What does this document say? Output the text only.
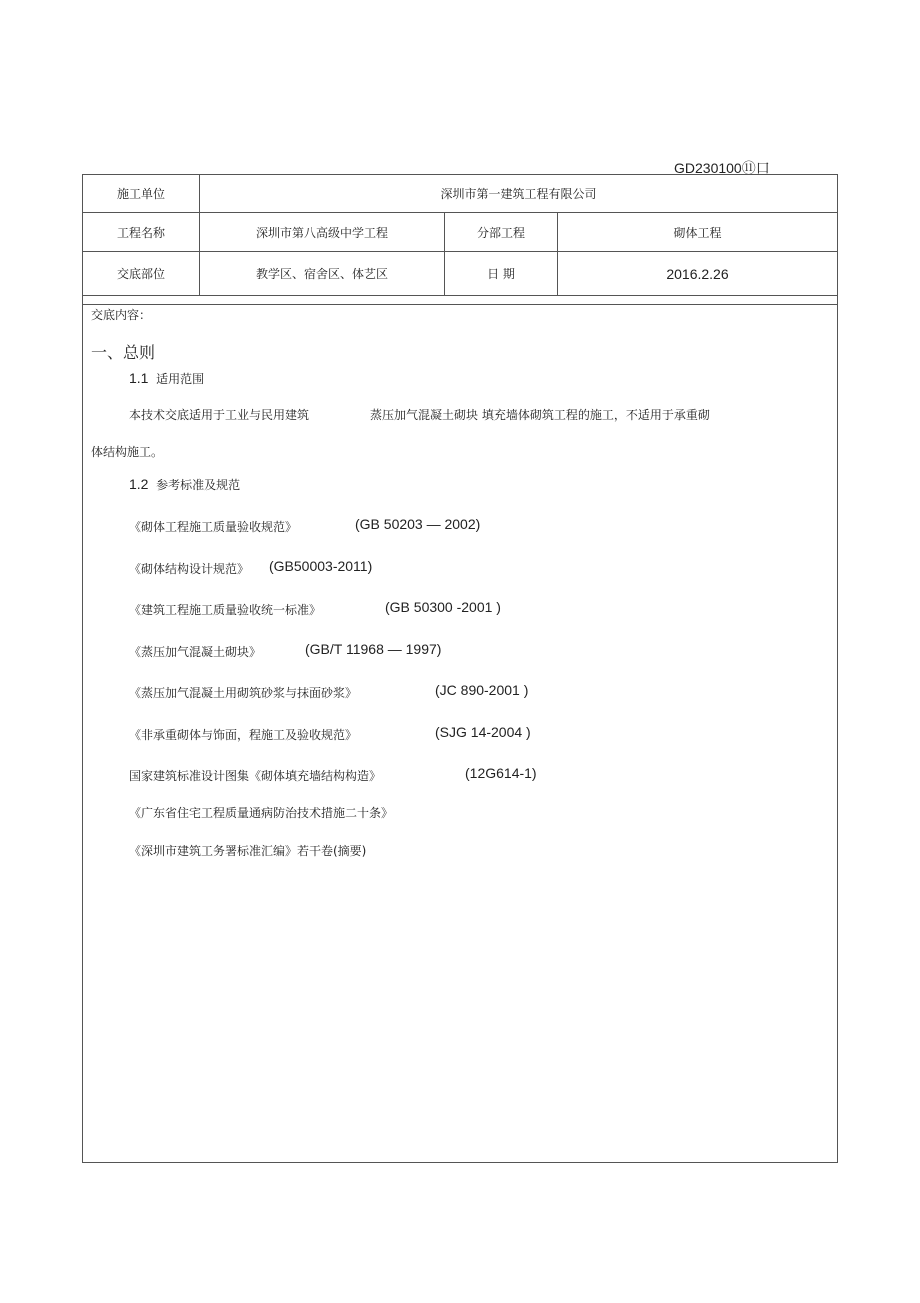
GD230100⑪口
施工单位	深圳市第一建筑工程有限公司		
工程名称	深圳市第八高级中学工程	分部工程	砌体工程
交底部位	教学区、宿舍区、体艺区	日 期	2016.2.26

交底内容：
一、总则
1.1 适用范围
本技术交底适用于工业与民用建筑	蒸压加气混凝土砌块 填充墙体砌筑工程的施工，不适用于承重砌
体结构施工。
1.2 参考标准及规范
《砌体工程施工质量验收规范》	(GB 50203 — 2002)
《砌体结构设计规范》 (GB50003-2011)
《建筑工程施工质量验收统一标准》	(GB 50300 -2001 )
《蒸压加气混凝土砌块》	(GB/T 11968 — 1997)
《蒸压加气混凝土用砌筑砂浆与抹面砂浆》	(JC 890-2001 )
《非承重砌体与饰面，程施工及验收规范》	(SJG 14-2004 )
国家建筑标准设计图集《砌体填充墙结构构造》	(12G614-1)
《广东省住宅工程质量通病防治技术措施二十条》
《深圳市建筑工务署标准汇编》若干卷(摘要)
